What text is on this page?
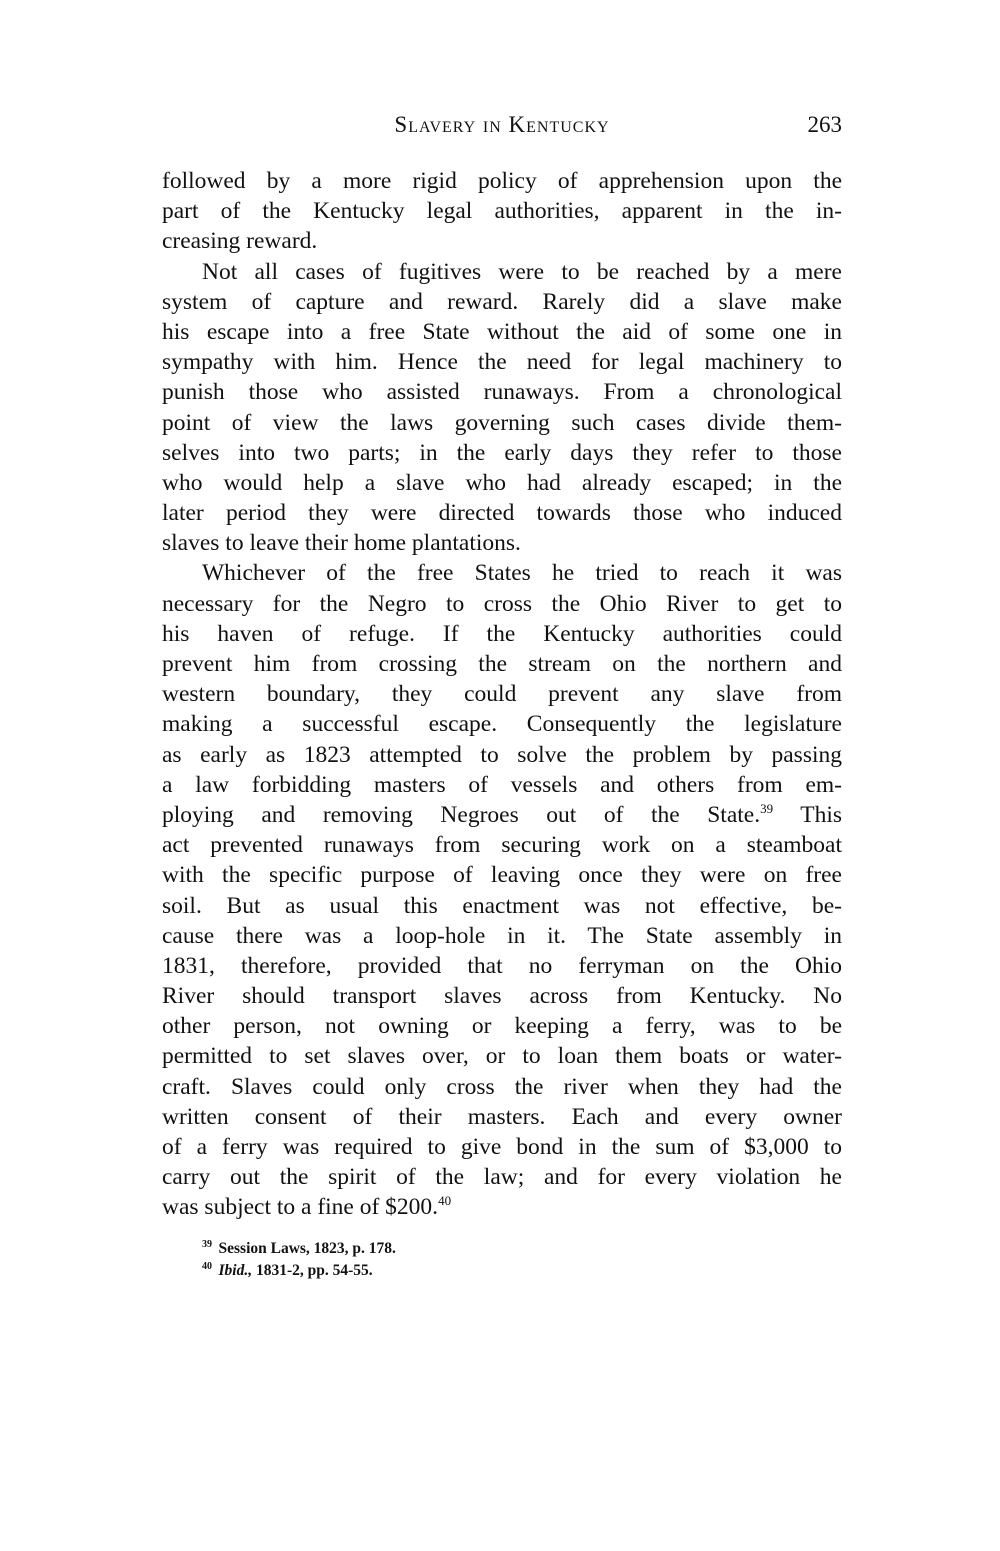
Slavery in Kentucky	263
followed by a more rigid policy of apprehension upon the
part of the Kentucky legal authorities, apparent in the in-
creasing reward.
Not all cases of fugitives were to be reached by a mere
system of capture and reward. Rarely did a slave make
his escape into a free State without the aid of some one in
sympathy with him. Hence the need for legal machinery to
punish those who assisted runaways. From a chronological
point of view the laws governing such cases divide them-
selves into two parts; in the early days they refer to those
who would help a slave who had already escaped; in the
later period they were directed towards those who induced
slaves to leave their home plantations.
Whichever of the free States he tried to reach it was
necessary for the Negro to cross the Ohio River to get to
his haven of refuge. If the Kentucky authorities could
prevent him from crossing the stream on the northern and
western boundary, they could prevent any slave from
making a successful escape. Consequently the legislature
as early as 1823 attempted to solve the problem by passing
a law forbidding masters of vessels and others from em-
ploying and removing Negroes out of the State.$^{39}$ This
act prevented runaways from securing work on a steamboat
with the specific purpose of leaving once they were on free
soil. But as usual this enactment was not effective, be-
cause there was a loop-hole in it. The State assembly in
1831, therefore, provided that no ferryman on the Ohio
River should transport slaves across from Kentucky. No
other person, not owning or keeping a ferry, was to be
permitted to set slaves over, or to loan them boats or water-
craft. Slaves could only cross the river when they had the
written consent of their masters. Each and every owner
of a ferry was required to give bond in the sum of $3,000 to
carry out the spirit of the law; and for every violation he
was subject to a fine of $200.40
$^{39}$ Session Laws, 1823, p. 178.
$^{40}$ Ibid., 1831-2, pp. 54-55.
